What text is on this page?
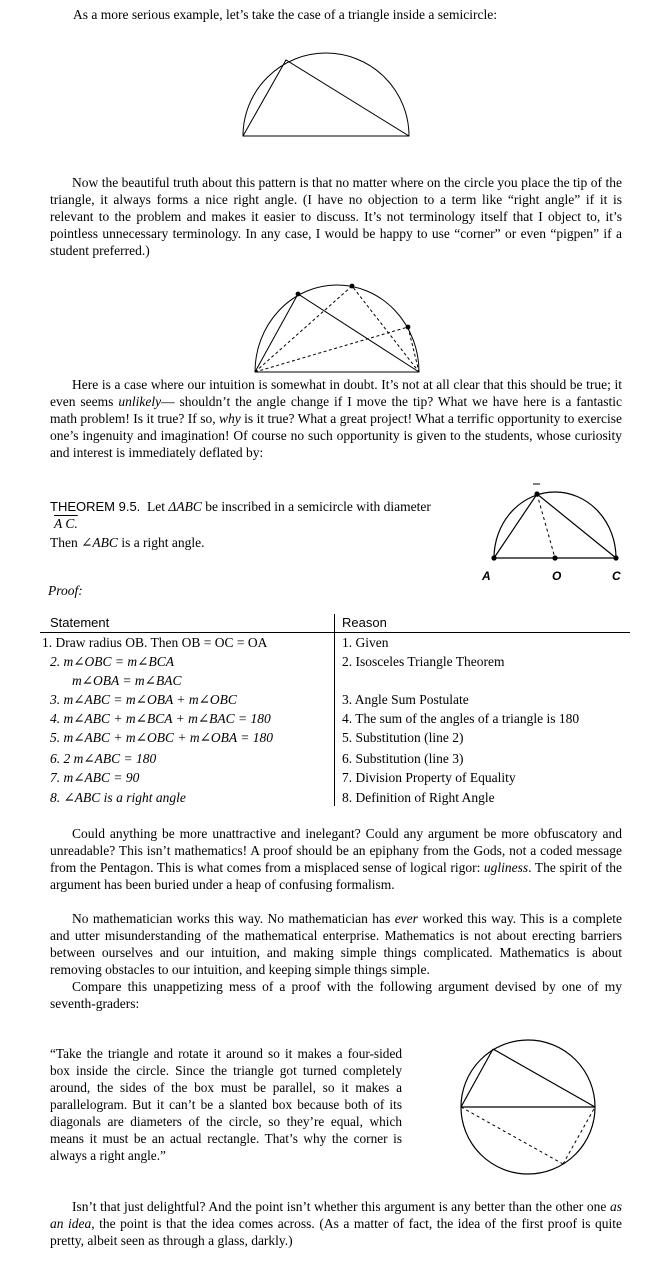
As a more serious example, let’s take the case of a triangle inside a semicircle:

Now the beautiful truth about this pattern is that no matter where on the circle you place the tip of the triangle, it always forms a nice right angle. (I have no objection to a term like “right angle” if it is relevant to the problem and makes it easier to discuss. It’s not terminology itself that I object to, it’s pointless unnecessary terminology. In any case, I would be happy to use “corner” or even “pigpen” if a student preferred.)

Here is a case where our intuition is somewhat in doubt. It’s not at all clear that this should be true; it even seems unlikely— shouldn’t the angle change if I move the tip? What we have here is a fantastic math problem! Is it true? If so, why is it true? What a great project! What a terrific opportunity to exercise one’s ingenuity and imagination! Of course no such opportunity is given to the students, whose curiosity and interest is immediately deflated by:

THEOREM 9.5. Let ΔABC be inscribed in a semicircle with diameter
A C.
Then ∠ABC is a right angle.
A	O	C
Proof:
Statement	Reason
1. Draw radius OB. Then OB = OC = OA	1. Given
2. m∠OBC = m∠BCA	2. Isosceles Triangle Theorem
m∠OBA = m∠BAC
3. m∠ABC = m∠OBA + m∠OBC	3. Angle Sum Postulate
4. m∠ABC + m∠BCA + m∠BAC = 180	4. The sum of the angles of a triangle is 180
5. m∠ABC + m∠OBC + m∠OBA = 180	5. Substitution (line 2)
6. 2 m∠ABC = 180	6. Substitution (line 3)
7. m∠ABC = 90	7. Division Property of Equality
8. ∠ABC is a right angle	8. Definition of Right Angle

Could anything be more unattractive and inelegant? Could any argument be more obfuscatory and unreadable? This isn’t mathematics! A proof should be an epiphany from the Gods, not a coded message from the Pentagon. This is what comes from a misplaced sense of logical rigor: ugliness. The spirit of the argument has been buried under a heap of confusing formalism.

No mathematician works this way. No mathematician has ever worked this way. This is a complete and utter misunderstanding of the mathematical enterprise. Mathematics is not about erecting barriers between ourselves and our intuition, and making simple things complicated. Mathematics is about removing obstacles to our intuition, and keeping simple things simple.

Compare this unappetizing mess of a proof with the following argument devised by one of my seventh-graders:

“Take the triangle and rotate it around so it makes a four-sided box inside the circle. Since the triangle got turned completely around, the sides of the box must be parallel, so it makes a parallelogram. But it can’t be a slanted box because both of its diagonals are diameters of the circle, so they’re equal, which means it must be an actual rectangle. That’s why the corner is always a right angle.”

Isn’t that just delightful? And the point isn’t whether this argument is any better than the other one as an idea, the point is that the idea comes across. (As a matter of fact, the idea of the first proof is quite pretty, albeit seen as through a glass, darkly.)
